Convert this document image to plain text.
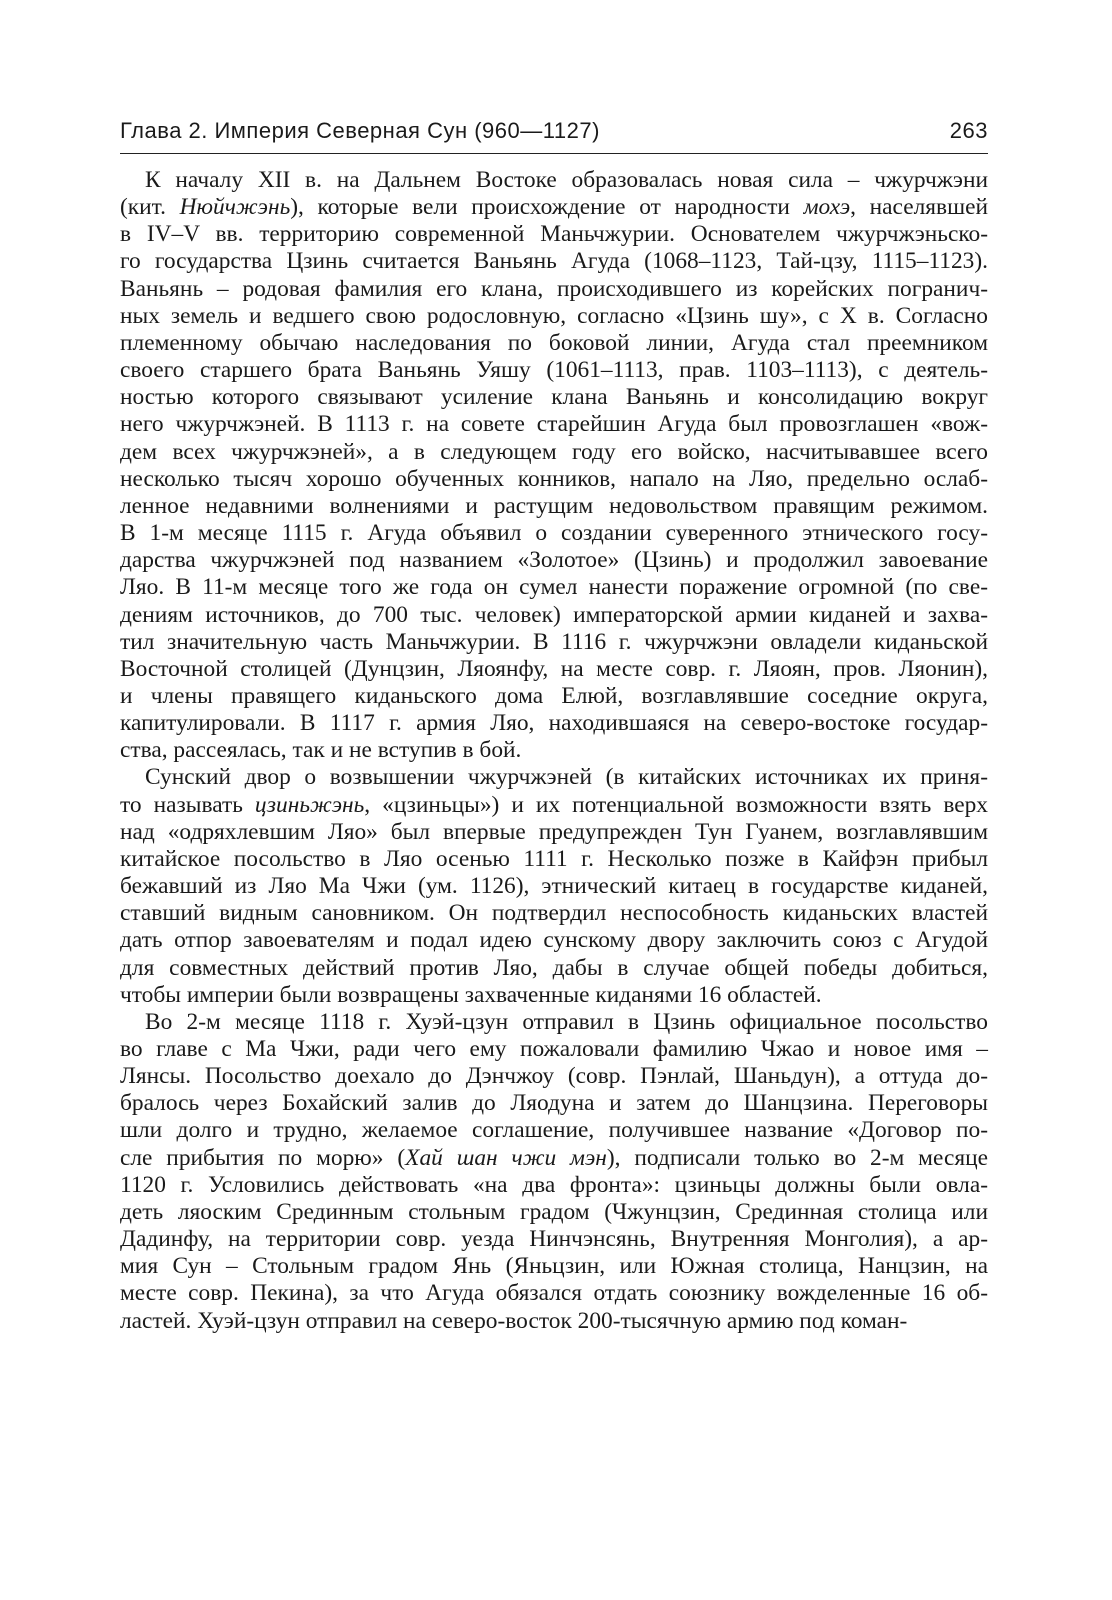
Глава 2. Империя Северная Сун (960—1127)	263

К началу XII в. на Дальнем Востоке образовалась новая сила – чжурчжэни
(кит. Нюйчжэнь), которые вели происхождение от народности мохэ, населявшей
в IV–V вв. территорию современной Маньчжурии. Основателем чжурчжэньско-
го государства Цзинь считается Ваньянь Агуда (1068–1123, Тай-цзу, 1115–1123).
Ваньянь – родовая фамилия его клана, происходившего из корейских погранич-
ных земель и ведшего свою родословную, согласно «Цзинь шу», с X в. Согласно
племенному обычаю наследования по боковой линии, Агуда стал преемником
своего старшего брата Ваньянь Уяшу (1061–1113, прав. 1103–1113), с деятель-
ностью которого связывают усиление клана Ваньянь и консолидацию вокруг
него чжурчжэней. В 1113 г. на совете старейшин Агуда был провозглашен «вож-
дем всех чжурчжэней», а в следующем году его войско, насчитывавшее всего
несколько тысяч хорошо обученных конников, напало на Ляо, предельно ослаб-
ленное недавними волнениями и растущим недовольством правящим режимом.
В 1-м месяце 1115 г. Агуда объявил о создании суверенного этнического госу-
дарства чжурчжэней под названием «Золотое» (Цзинь) и продолжил завоевание
Ляо. В 11-м месяце того же года он сумел нанести поражение огромной (по све-
дениям источников, до 700 тыс. человек) императорской армии киданей и захва-
тил значительную часть Маньчжурии. В 1116 г. чжурчжэни овладели киданьской
Восточной столицей (Дунцзин, Ляоянфу, на месте совр. г. Ляоян, пров. Ляонин),
и члены правящего киданьского дома Елюй, возглавлявшие соседние округа,
капитулировали. В 1117 г. армия Ляо, находившаяся на северо-востоке государ-
ства, рассеялась, так и не вступив в бой.

Сунский двор о возвышении чжурчжэней (в китайских источниках их приня-
то называть цзиньжэнь, «цзиньцы») и их потенциальной возможности взять верх
над «одряхлевшим Ляо» был впервые предупрежден Тун Гуанем, возглавлявшим
китайское посольство в Ляо осенью 1111 г. Несколько позже в Кайфэн прибыл
бежавший из Ляо Ма Чжи (ум. 1126), этнический китаец в государстве киданей,
ставший видным сановником. Он подтвердил неспособность киданьских властей
дать отпор завоевателям и подал идею сунскому двору заключить союз с Агудой
для совместных действий против Ляо, дабы в случае общей победы добиться,
чтобы империи были возвращены захваченные киданями 16 областей.

Во 2-м месяце 1118 г. Хуэй-цзун отправил в Цзинь официальное посольство
во главе с Ма Чжи, ради чего ему пожаловали фамилию Чжао и новое имя –
Лянсы. Посольство доехало до Дэнчжоу (совр. Пэнлай, Шаньдун), а оттуда до-
бралось через Бохайский залив до Ляодуна и затем до Шанцзина. Переговоры
шли долго и трудно, желаемое соглашение, получившее название «Договор по-
сле прибытия по морю» (Хай шан чжи мэн), подписали только во 2-м месяце
1120 г. Условились действовать «на два фронта»: цзиньцы должны были овла-
деть ляоским Срединным стольным градом (Чжунцзин, Срединная столица или
Дадинфу, на территории совр. уезда Нинчэнсянь, Внутренняя Монголия), а ар-
мия Сун – Стольным градом Янь (Яньцзин, или Южная столица, Нанцзин, на
месте совр. Пекина), за что Агуда обязался отдать союзнику вожделенные 16 об-
ластей. Хуэй-цзун отправил на северо-восток 200-тысячную армию под коман-
